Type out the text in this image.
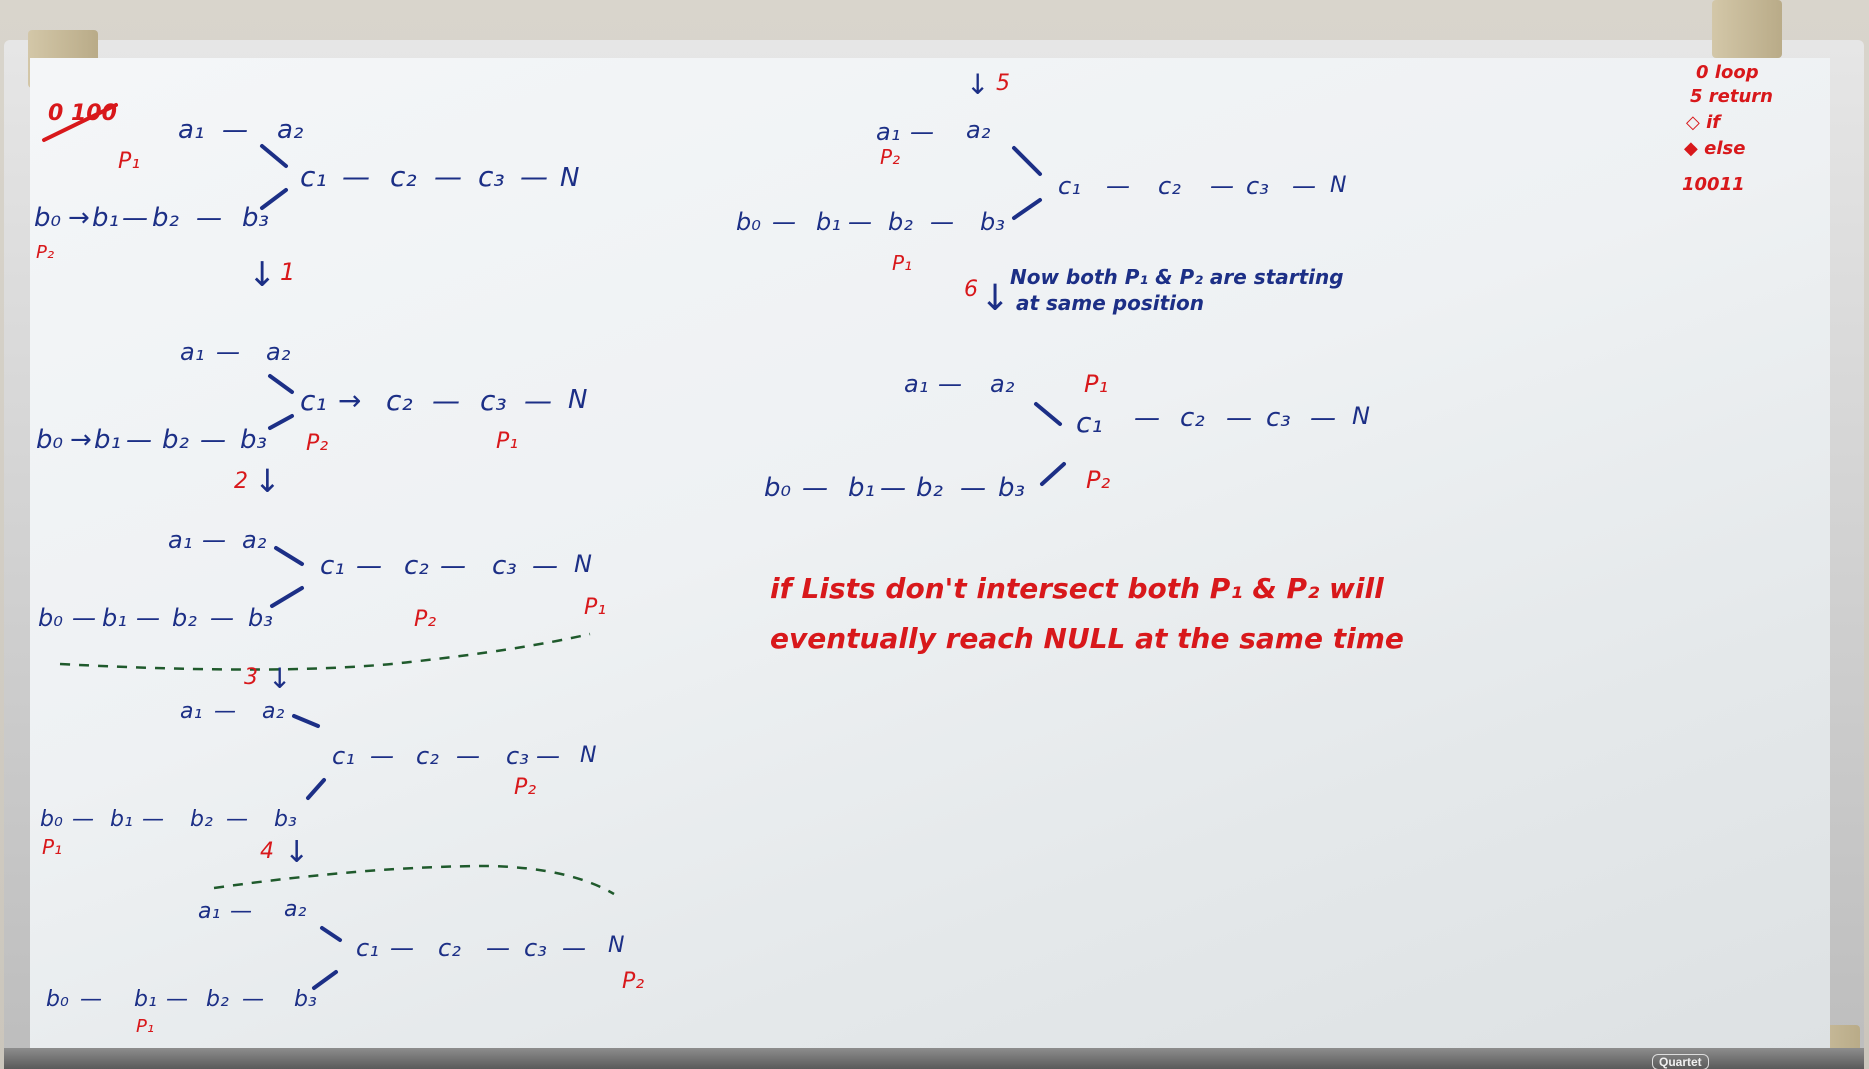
0 100
a₁ — a₂
b₀ → b₁ — b₂ — b₃
c₁ — c₂ — c₃ — N
P₁
P₂
↓ 1
a₁ — a₂
b₀ → b₁ — b₂ — b₃
c₁ → c₂ — c₃ — N
P₂	P₁
2 ↓
a₁ — a₂
b₀ — b₁ — b₂ — b₃
c₁ — c₂ — c₃ — N
P₂	P₁
3 ↓
a₁ — a₂
b₀ — b₁ — b₂ — b₃
c₁ — c₂ — c₃ — N
P₂
P₁	4 ↓
a₁ — a₂
b₀ — b₁ — b₂ — b₃
c₁ — c₂ — c₃ — N
P₂
P₁
↓ 5
a₁ — a₂
b₀ — b₁ — b₂ — b₃
c₁ — c₂ — c₃ — N
P₂
P₁
6 ↓
Now both P₁ & P₂ are starting
at same position
a₁ — a₂
b₀ — b₁ — b₂ — b₃
c₁ — c₂ — c₃ — N
P₁
P₂
if Lists don't intersect both P₁ & P₂ will
eventually reach NULL at the same time
0 loop
5 return
◇ if
◆ else
10011
Quartet
